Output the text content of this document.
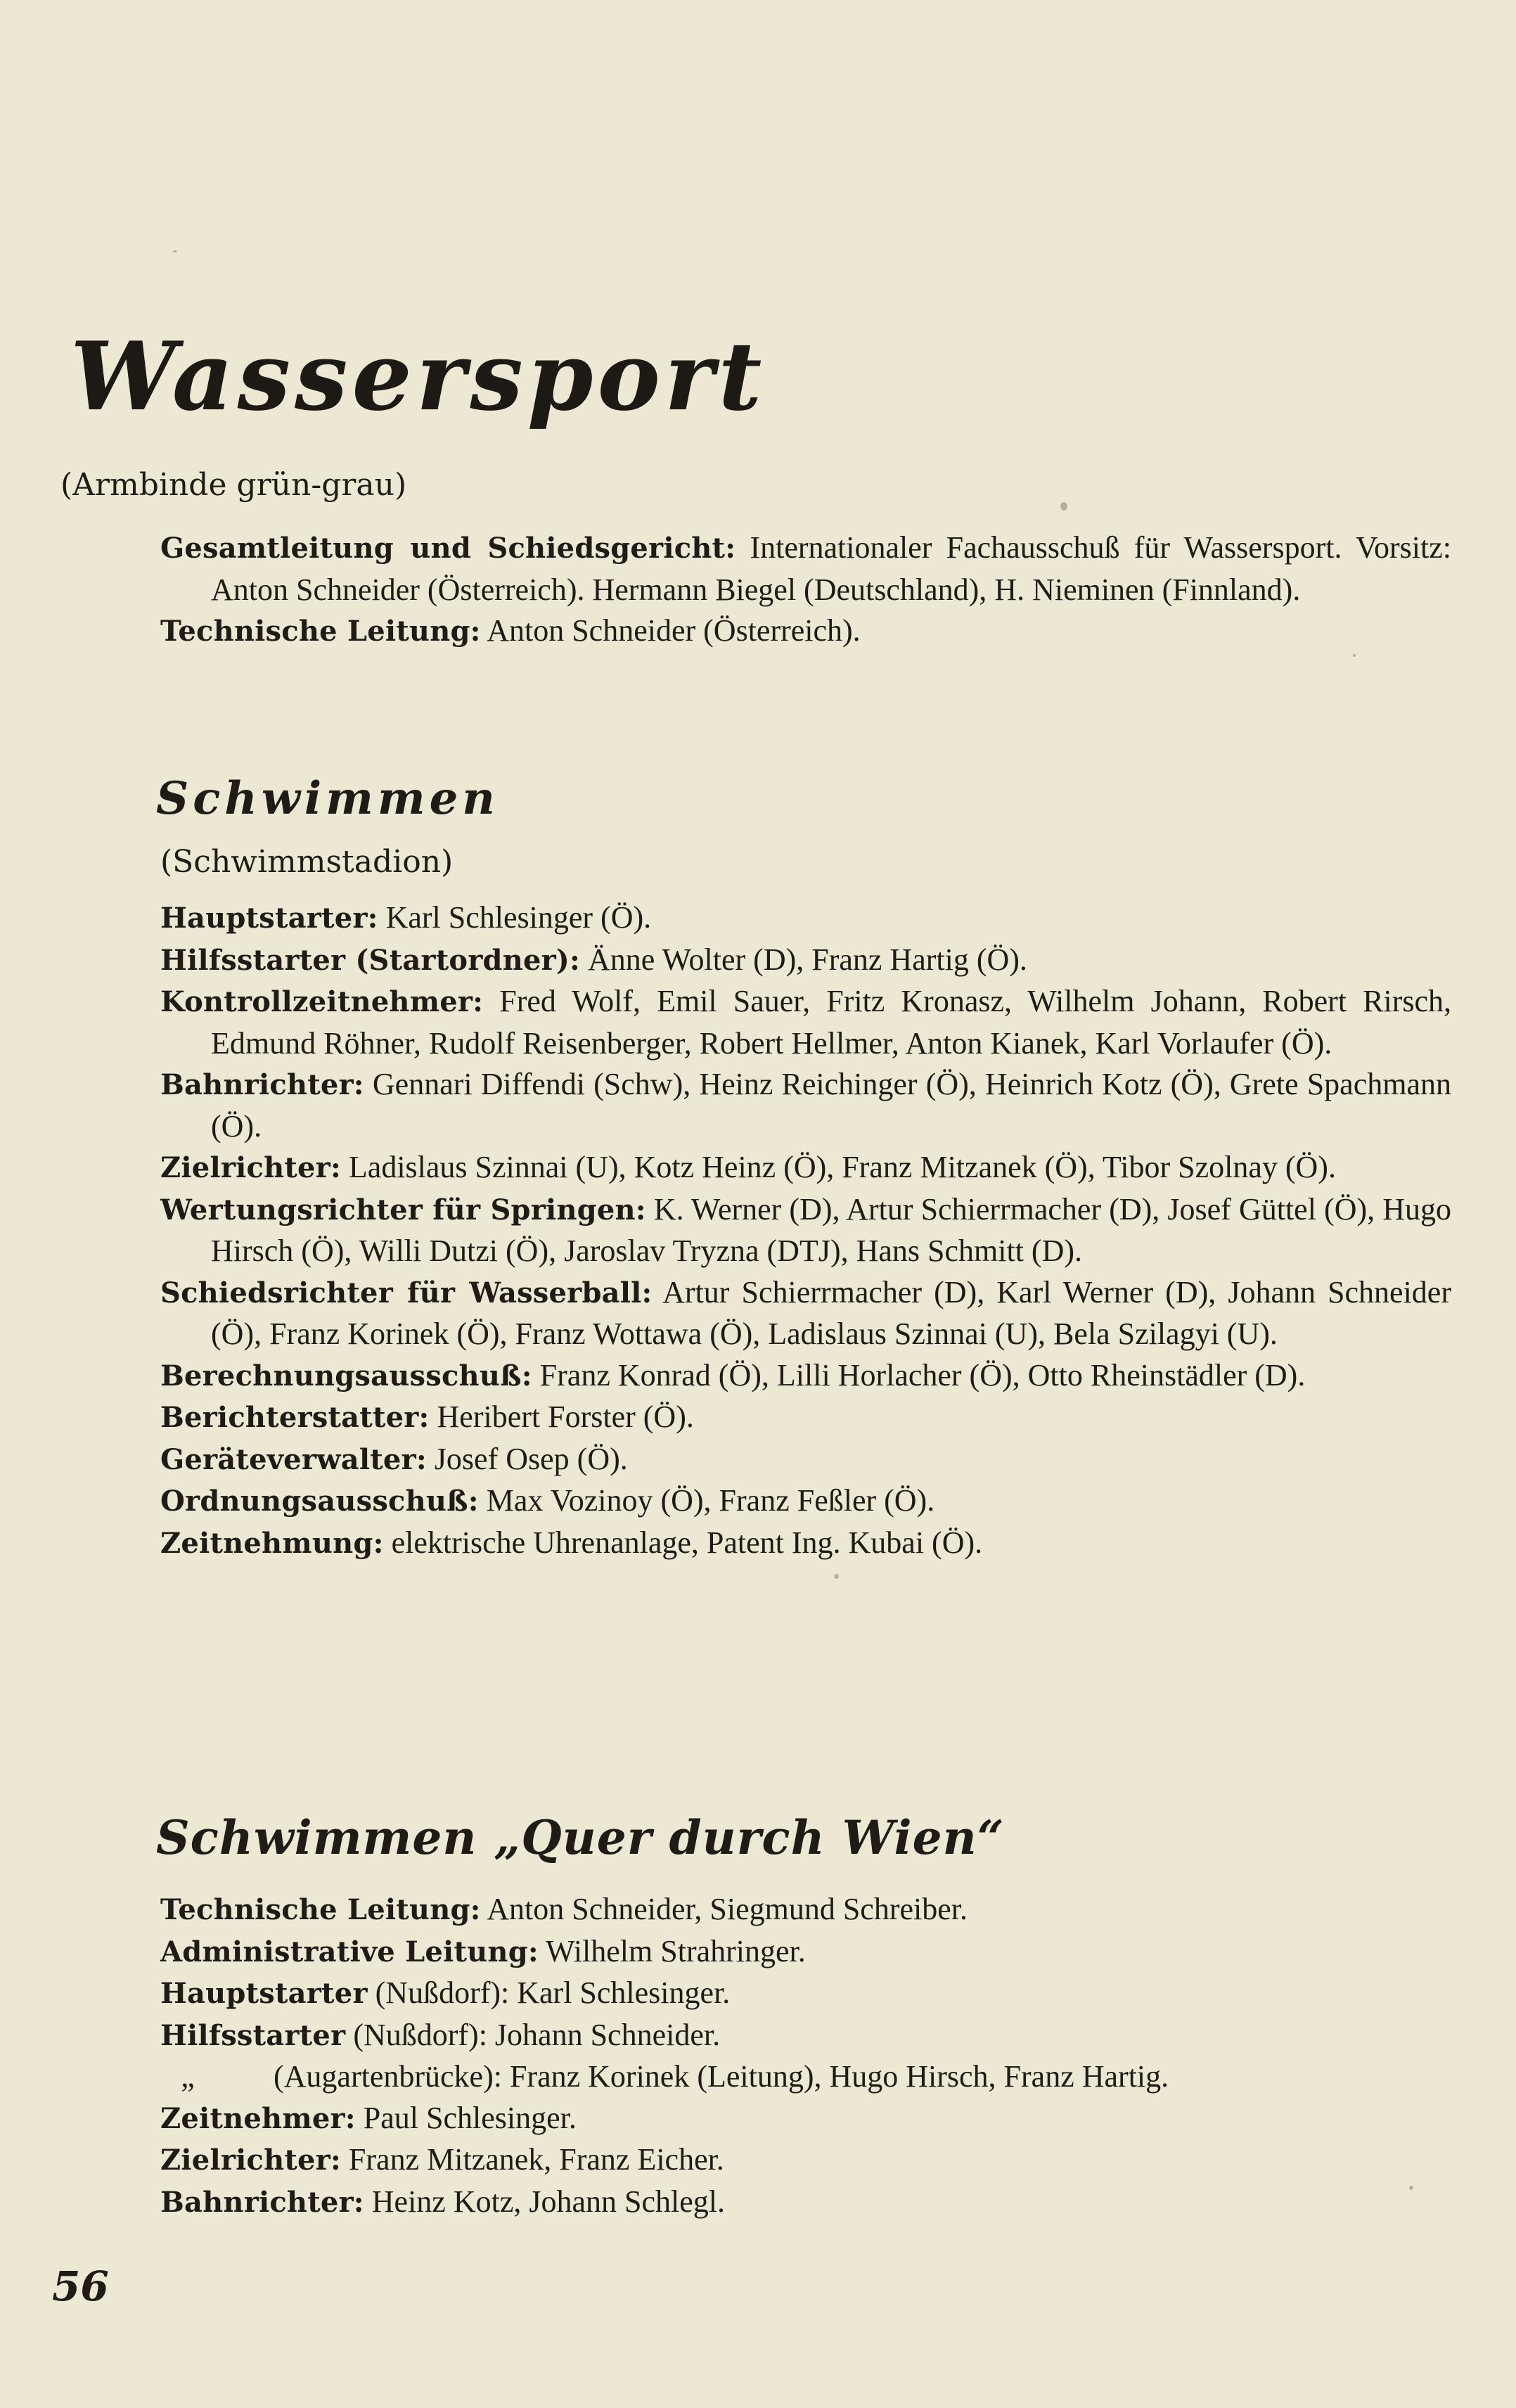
Wassersport
(Armbinde grün-grau)

Gesamtleitung und Schiedsgericht: Internationaler Fachausschuß für Wassersport. Vorsitz: Anton Schneider (Österreich). Hermann Biegel (Deutschland), H. Nieminen (Finnland).

Technische Leitung: Anton Schneider (Österreich).

Schwimmen
(Schwimmstadion)

Hauptstarter: Karl Schlesinger (Ö).

Hilfsstarter (Startordner): Änne Wolter (D), Franz Hartig (Ö).

Kontrollzeitnehmer: Fred Wolf, Emil Sauer, Fritz Kronasz, Wilhelm Johann, Robert Rirsch, Edmund Röhner, Rudolf Reisenberger, Robert Hellmer, Anton Kianek, Karl Vorlaufer (Ö).

Bahnrichter: Gennari Diffendi (Schw), Heinz Reichinger (Ö), Heinrich Kotz (Ö), Grete Spachmann (Ö).

Zielrichter: Ladislaus Szinnai (U), Kotz Heinz (Ö), Franz Mitzanek (Ö), Tibor Szolnay (Ö).

Wertungsrichter für Springen: K. Werner (D), Artur Schierrmacher (D), Josef Güttel (Ö), Hugo Hirsch (Ö), Willi Dutzi (Ö), Jaroslav Tryzna (DTJ), Hans Schmitt (D).

Schiedsrichter für Wasserball: Artur Schierrmacher (D), Karl Werner (D), Johann Schneider (Ö), Franz Korinek (Ö), Franz Wottawa (Ö), Ladislaus Szinnai (U), Bela Szilagyi (U).

Berechnungsausschuß: Franz Konrad (Ö), Lilli Horlacher (Ö), Otto Rheinstädler (D).

Berichterstatter: Heribert Forster (Ö).

Geräteverwalter: Josef Osep (Ö).

Ordnungsausschuß: Max Vozinoy (Ö), Franz Feßler (Ö).

Zeitnehmung: elektrische Uhrenanlage, Patent Ing. Kubai (Ö).

Schwimmen „Quer durch Wien“

Technische Leitung: Anton Schneider, Siegmund Schreiber.

Administrative Leitung: Wilhelm Strahringer.

Hauptstarter (Nußdorf): Karl Schlesinger.

Hilfsstarter (Nußdorf): Johann Schneider.

„	(Augartenbrücke): Franz Korinek (Leitung), Hugo Hirsch, Franz Hartig.

Zeitnehmer: Paul Schlesinger.

Zielrichter: Franz Mitzanek, Franz Eicher.

Bahnrichter: Heinz Kotz, Johann Schlegl.

56
